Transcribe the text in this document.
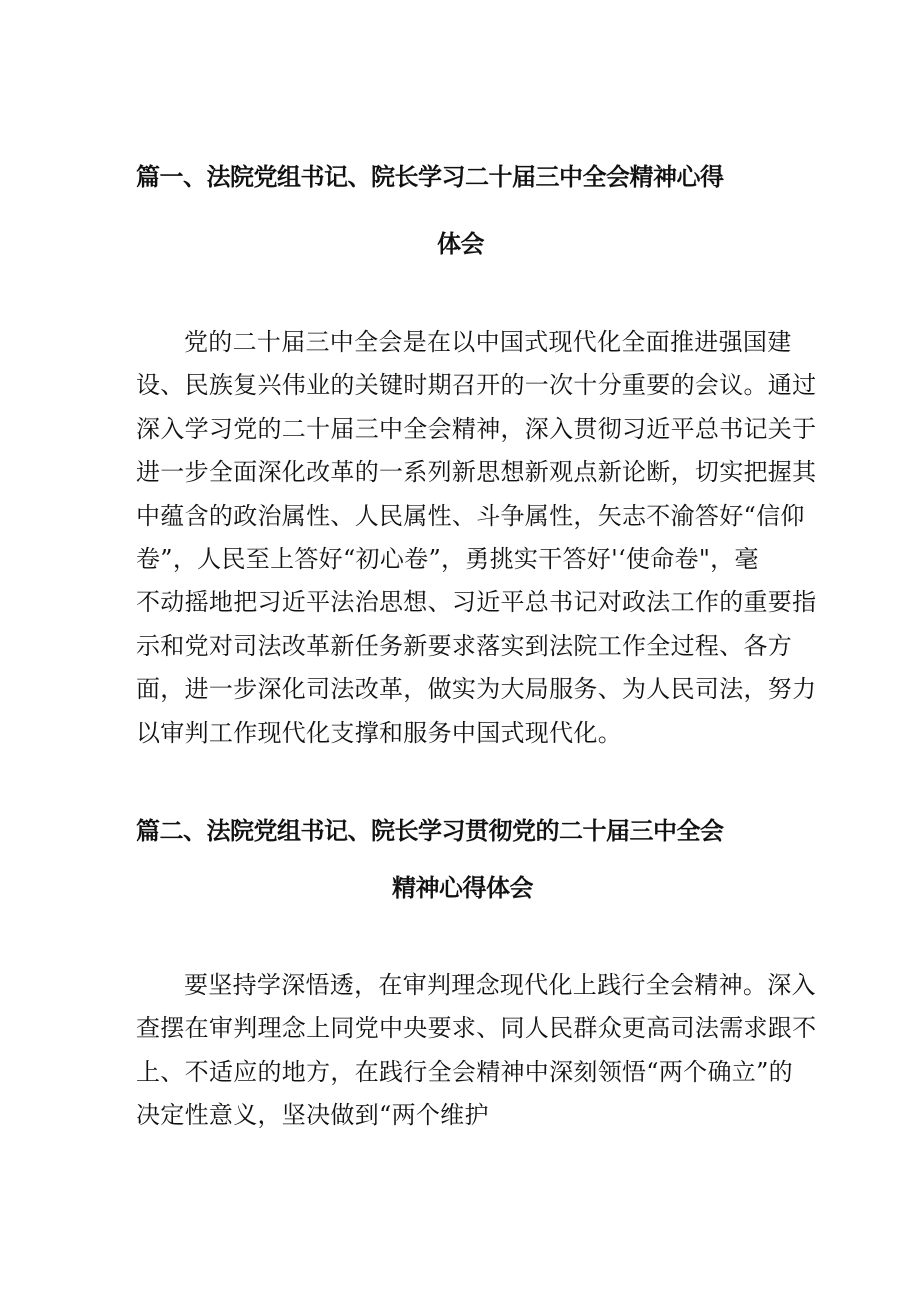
篇一、法院党组书记、院长学习二十届三中全会精神心得
体会
党的二十届三中全会是在以中国式现代化全面推进强国建
设、民族复兴伟业的关键时期召开的一次十分重要的会议。通过
深入学习党的二十届三中全会精神，深入贯彻习近平总书记关于
进一步全面深化改革的一系列新思想新观点新论断，切实把握其
中蕴含的政治属性、人民属性、斗争属性，矢志不渝答好“信仰
卷”，人民至上答好“初心卷”，勇挑实干答好'‘使命卷"，毫
不动摇地把习近平法治思想、习近平总书记对政法工作的重要指
示和党对司法改革新任务新要求落实到法院工作全过程、各方
面，进一步深化司法改革，做实为大局服务、为人民司法，努力
以审判工作现代化支撑和服务中国式现代化。
篇二、法院党组书记、院长学习贯彻党的二十届三中全会
精神心得体会
要坚持学深悟透，在审判理念现代化上践行全会精神。深入
查摆在审判理念上同党中央要求、同人民群众更高司法需求跟不
上、不适应的地方，在践行全会精神中深刻领悟“两个确立”的
决定性意义，坚决做到“两个维护
